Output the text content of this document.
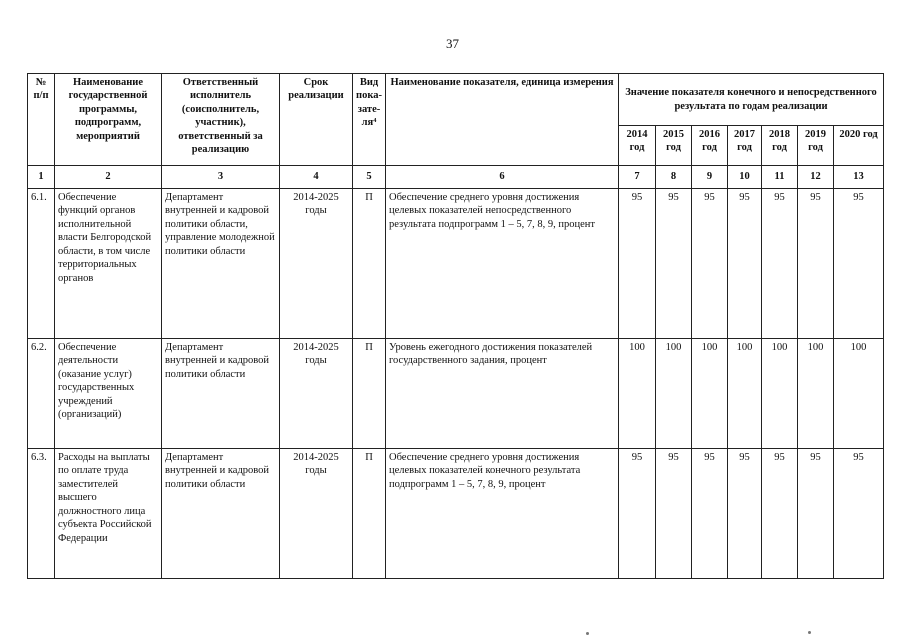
37
№ п/п	Наименование государственной программы, подпрограмм, мероприятий	Ответственный исполнитель (соисполнитель, участник), ответственный за реализацию	Срок реализации	Вид пока-зате-ля⁴	Наименование показателя, единица измерения	Значение показателя конечного и непосредственного результата по годам реализации						
						2014 год	2015 год	2016 год	2017 год	2018 год	2019 год	2020 год
1	2	3	4	5	6	7	8	9	10	11	12	13
6.1.	Обеспечение функций органов исполнительной власти Белгородской области, в том числе территориальных органов	Департамент внутренней и кадровой политики области, управление молодежной политики области	2014-2025 годы	П	Обеспечение среднего уровня достижения целевых показателей непосредственного результата подпрограмм 1 – 5, 7, 8, 9, процент	95	95	95	95	95	95	95
6.2.	Обеспечение деятельности (оказание услуг) государственных учреждений (организаций)	Департамент внутренней и кадровой политики области	2014-2025 годы	П	Уровень ежегодного достижения показателей государственного задания, процент	100	100	100	100	100	100	100
6.3.	Расходы на выплаты по оплате труда заместителей высшего должностного лица субъекта Российской Федерации	Департамент внутренней и кадровой политики области	2014-2025 годы	П	Обеспечение среднего уровня достижения целевых показателей конечного результата подпрограмм 1 – 5, 7, 8, 9, процент	95	95	95	95	95	95	95
